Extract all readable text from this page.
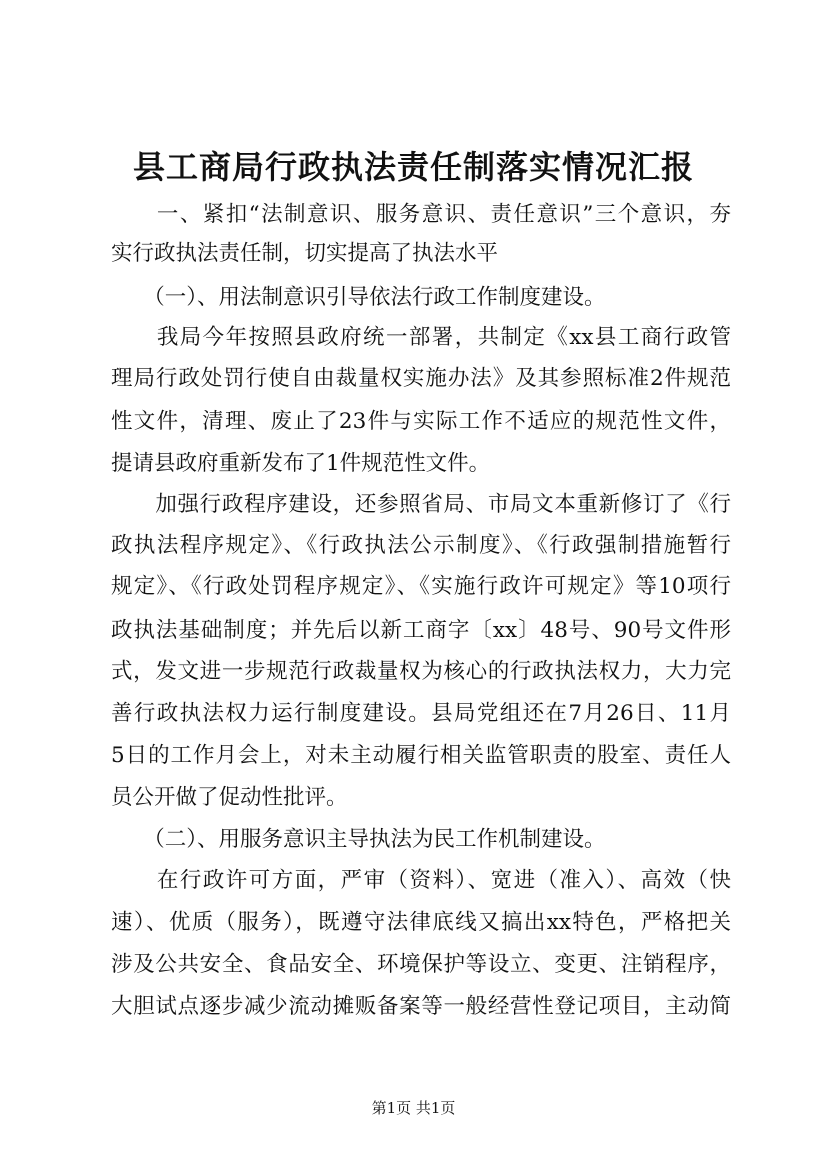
县工商局行政执法责任制落实情况汇报
　　一、紧扣“法制意识、服务意识、责任意识”三个意识，夯
实行政执法责任制，切实提高了执法水平
　　（一）、用法制意识引导依法行政工作制度建设。
　　我局今年按照县政府统一部署，共制定《xx县工商行政管
理局行政处罚行使自由裁量权实施办法》及其参照标准2件规范
性文件，清理、废止了23件与实际工作不适应的规范性文件，
提请县政府重新发布了1件规范性文件。
　　加强行政程序建设，还参照省局、市局文本重新修订了《行
政执法程序规定》、《行政执法公示制度》、《行政强制措施暂行
规定》、《行政处罚程序规定》、《实施行政许可规定》等10项行
政执法基础制度；并先后以新工商字〔xx〕48号、90号文件形
式，发文进一步规范行政裁量权为核心的行政执法权力，大力完
善行政执法权力运行制度建设。县局党组还在7月26日、11月
5日的工作月会上，对未主动履行相关监管职责的股室、责任人
员公开做了促动性批评。
　　（二）、用服务意识主导执法为民工作机制建设。
　　在行政许可方面，严审（资料）、宽进（准入）、高效（快
速）、优质（服务），既遵守法律底线又搞出xx特色，严格把关
涉及公共安全、食品安全、环境保护等设立、变更、注销程序，
大胆试点逐步减少流动摊贩备案等一般经营性登记项目，主动简
第1页 共1页
